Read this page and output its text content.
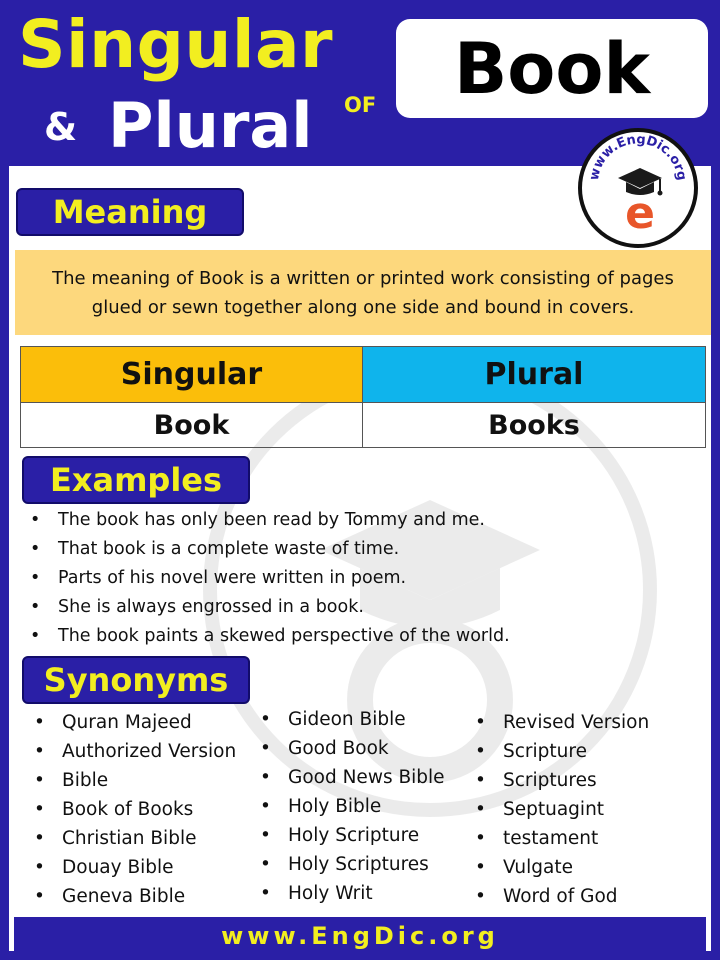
Singular
& Plural OF Book
www.EngDic.org
e
Meaning

The meaning of Book is a written or printed work consisting of pages glued or sewn together along one side and bound in covers.

Singular	Plural
Book	Books
Examples
• The book has only been read by Tommy and me.
• That book is a complete waste of time.
• Parts of his novel were written in poem.
• She is always engrossed in a book.
• The book paints a skewed perspective of the world.
Synonyms
• Quran Majeed
• Authorized Version
• Bible
• Book of Books
• Christian Bible
• Douay Bible
• Geneva Bible
• Gideon Bible
• Good Book
• Good News Bible
• Holy Bible
• Holy Scripture
• Holy Scriptures
• Holy Writ
• Revised Version
• Scripture
• Scriptures
• Septuagint
• testament
• Vulgate
• Word of God
www.EngDic.org
